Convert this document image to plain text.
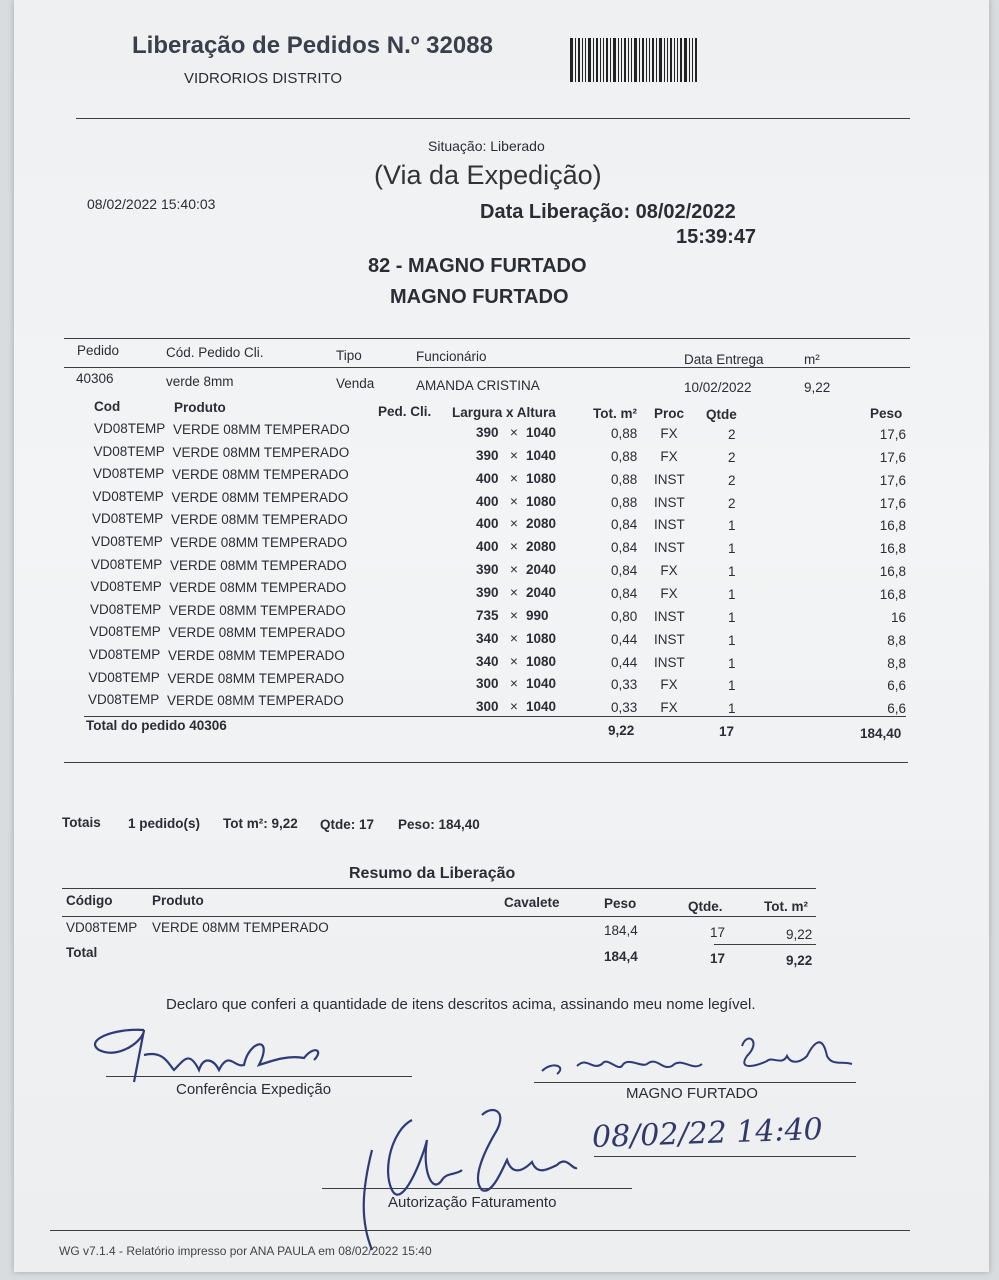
Liberação de Pedidos N.º 32088
VIDRORIOS DISTRITO
Situação: Liberado
(Via da Expedição)
08/02/2022 15:40:03	Data Liberação: 08/02/2022
15:39:47
82 - MAGNO FURTADO
MAGNO FURTADO
Pedido	Cód. Pedido Cli.	Tipo	Funcionário	Data Entrega	m²
40306	verde 8mm	Venda	AMANDA CRISTINA	10/02/2022	9,22
Cod	Produto	Ped. Cli. Largura x Altura	Tot. m² Proc Qtde	Peso
VD08TEMP VERDE 08MM TEMPERADO	390 × 1040	0,88	FX	2	17,6
VD08TEMP VERDE 08MM TEMPERADO	390 × 1040	0,88	FX	2	17,6
VD08TEMP VERDE 08MM TEMPERADO	400 × 1080	0,88 INST	2	17,6
VD08TEMP VERDE 08MM TEMPERADO	400 × 1080	0,88 INST	2	17,6
VD08TEMP VERDE 08MM TEMPERADO	400 × 2080	0,84 INST	1	16,8
VD08TEMP VERDE 08MM TEMPERADO	400 × 2080	0,84 INST	1	16,8
VD08TEMP VERDE 08MM TEMPERADO	390 × 2040	0,84	FX	1	16,8
VD08TEMP VERDE 08MM TEMPERADO	390 × 2040	0,84	FX	1	16,8
VD08TEMP VERDE 08MM TEMPERADO	735 × 990	0,80 INST	1	16
VD08TEMP VERDE 08MM TEMPERADO	340 × 1080	0,44 INST	1	8,8
VD08TEMP VERDE 08MM TEMPERADO	340 × 1080	0,44 INST	1	8,8
VD08TEMP VERDE 08MM TEMPERADO	300 × 1040	0,33	FX	1	6,6
VD08TEMP VERDE 08MM TEMPERADO	300 × 1040	0,33	FX	1	6,6
Total do pedido 40306	9,22	17	184,40
Totais 1 pedido(s) Tot m²: 9,22 Qtde: 17 Peso: 184,40
Resumo da Liberação
Código	Produto	Cavalete	Peso	Qtde.	Tot. m²
VD08TEMP VERDE 08MM TEMPERADO	184,4	17	9,22
Total	184,4	17	9,22
Declaro que conferi a quantidade de itens descritos acima, assinando meu nome legível.
Conferência Expedição	MAGNO FURTADO
08/02/22 14:40
Autorização Faturamento
WG v7.1.4 - Relatório impresso por ANA PAULA em 08/02/2022 15:40
